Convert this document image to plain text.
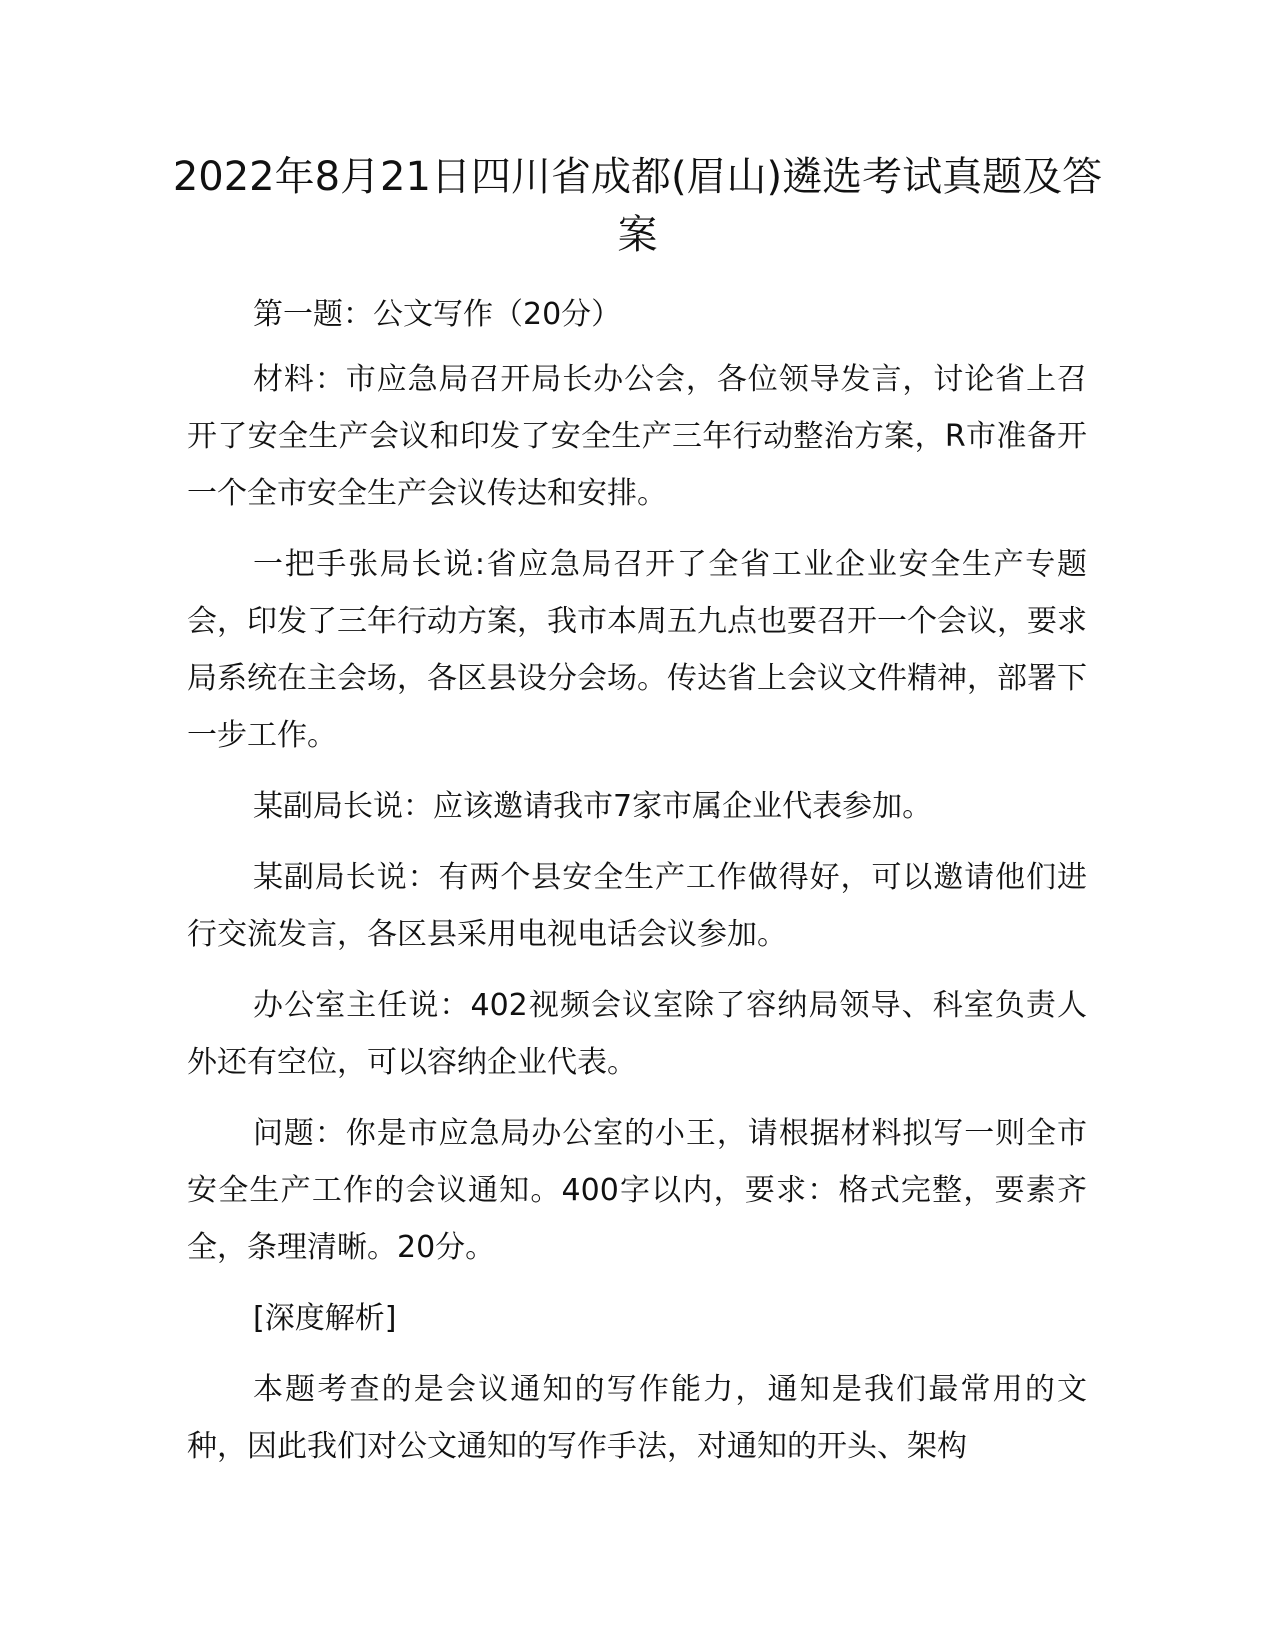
2022年8月21日四川省成都(眉山)遴选考试真题及答案

第一题：公文写作（20分）

材料：市应急局召开局长办公会，各位领导发言，讨论省上召开了安全生产会议和印发了安全生产三年行动整治方案，R市准备开一个全市安全生产会议传达和安排。

一把手张局长说:省应急局召开了全省工业企业安全生产专题会，印发了三年行动方案，我市本周五九点也要召开一个会议，要求局系统在主会场，各区县设分会场。传达省上会议文件精神，部署下一步工作。

某副局长说：应该邀请我市7家市属企业代表参加。

某副局长说：有两个县安全生产工作做得好，可以邀请他们进行交流发言，各区县采用电视电话会议参加。

办公室主任说：402视频会议室除了容纳局领导、科室负责人外还有空位，可以容纳企业代表。

问题：你是市应急局办公室的小王，请根据材料拟写一则全市安全生产工作的会议通知。400字以内，要求：格式完整，要素齐全，条理清晰。20分。

[深度解析]

本题考查的是会议通知的写作能力，通知是我们最常用的文种，因此我们对公文通知的写作手法，对通知的开头、架构
